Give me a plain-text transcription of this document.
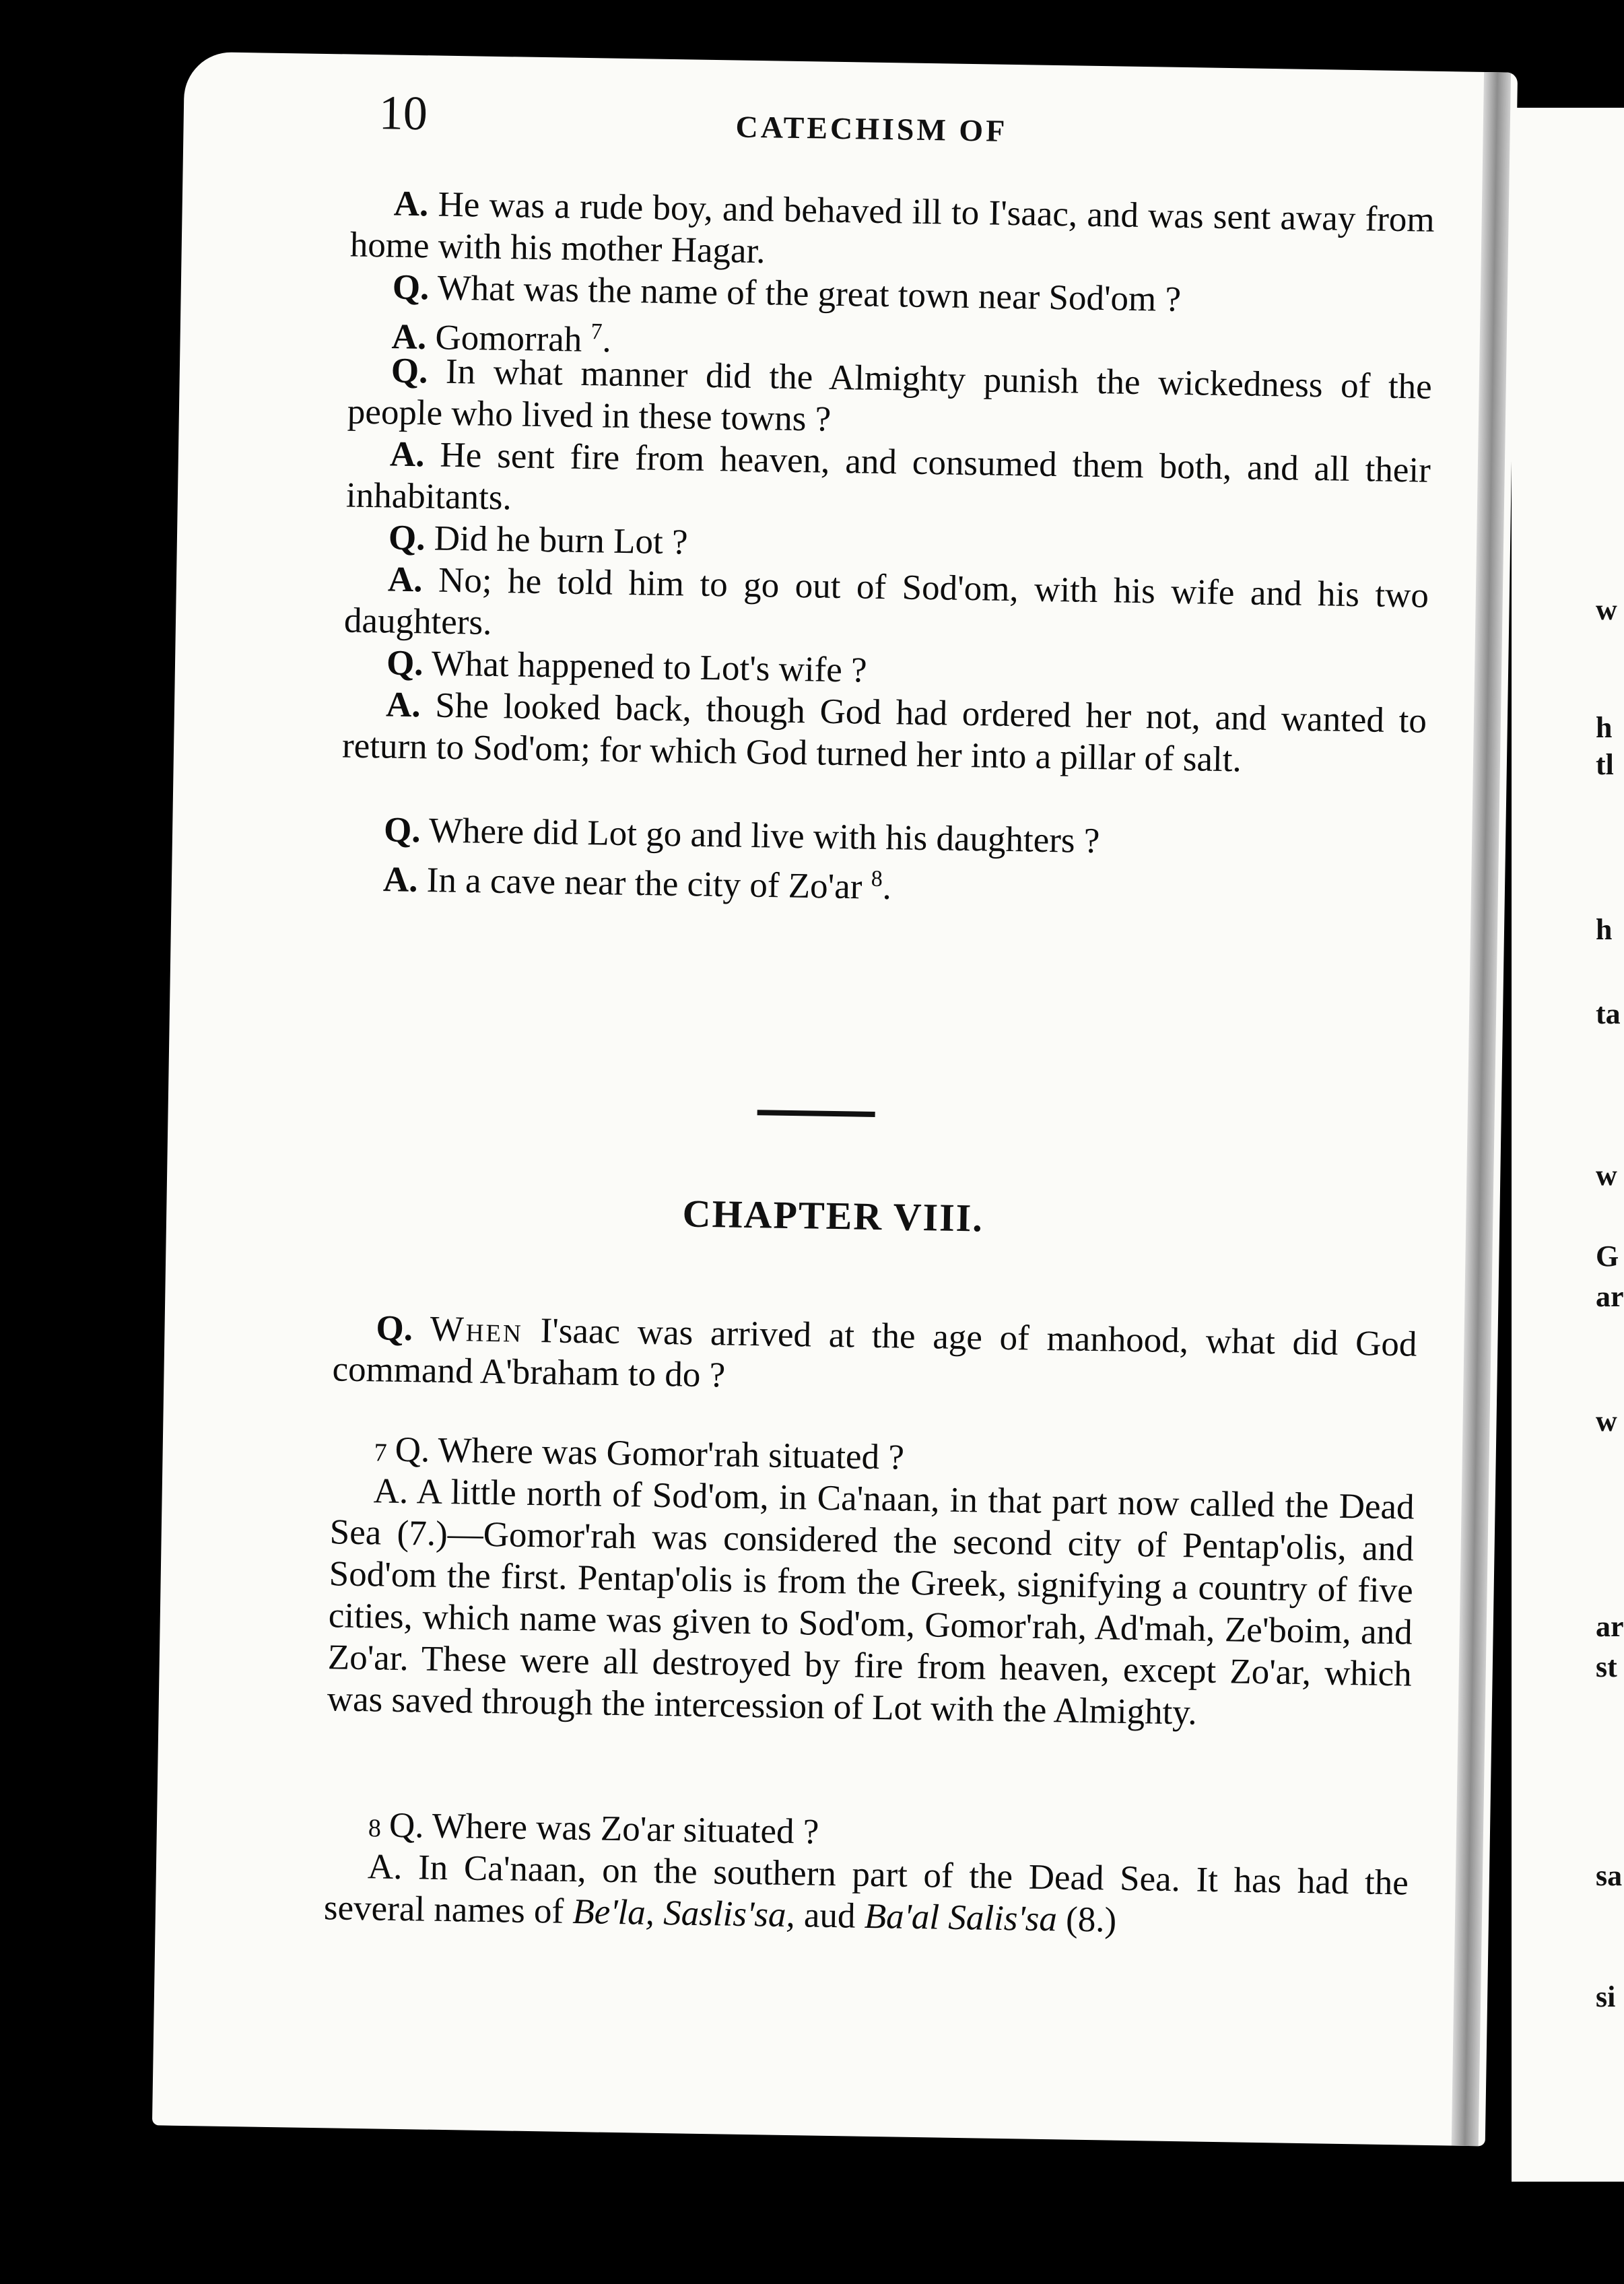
10	CATECHISM OF

A. He was a rude boy, and behaved ill to I'saac, and was sent away from home with his mother Hagar.

Q. What was the name of the great town near Sod'om ?

A. Gomorrah $^7$.

Q. In what manner did the Almighty punish the wickedness of the people who lived in these towns ?

A. He sent fire from heaven, and consumed them both, and all their inhabitants.

Q. Did he burn Lot ?

A. No; he told him to go out of Sod'om, with his wife and his two daughters.

Q. What happened to Lot's wife ?

A. She looked back, though God had ordered her not, and wanted to return to Sod'om; for which God turned her into a pillar of salt.

Q. Where did Lot go and live with his daughters ?

A. In a cave near the city of Zo'ar $^8$.

CHAPTER VIII.

Q. When I'saac was arrived at the age of manhood, what did God command A'braham to do ?

7 Q. Where was Gomor'rah situated ?

A. A little north of Sod'om, in Ca'naan, in that part now called the Dead Sea (7.)—Gomor'rah was considered the second city of Pentap'olis, and Sod'om the first. Pentap'olis is from the Greek, signifying a country of five cities, which name was given to Sod'om, Gomor'rah, Ad'mah, Ze'boim, and Zo'ar. These were all destroyed by fire from heaven, except Zo'ar, which was saved through the intercession of Lot with the Almighty.

8 Q. Where was Zo'ar situated ?

A. In Ca'naan, on the southern part of the Dead Sea. It has had the several names of Be'la, Saslis'sa, aud Ba'al Salis'sa (8.)

w
h
tl
h
ta
w
G
ar
w
ar
st
sa
si
